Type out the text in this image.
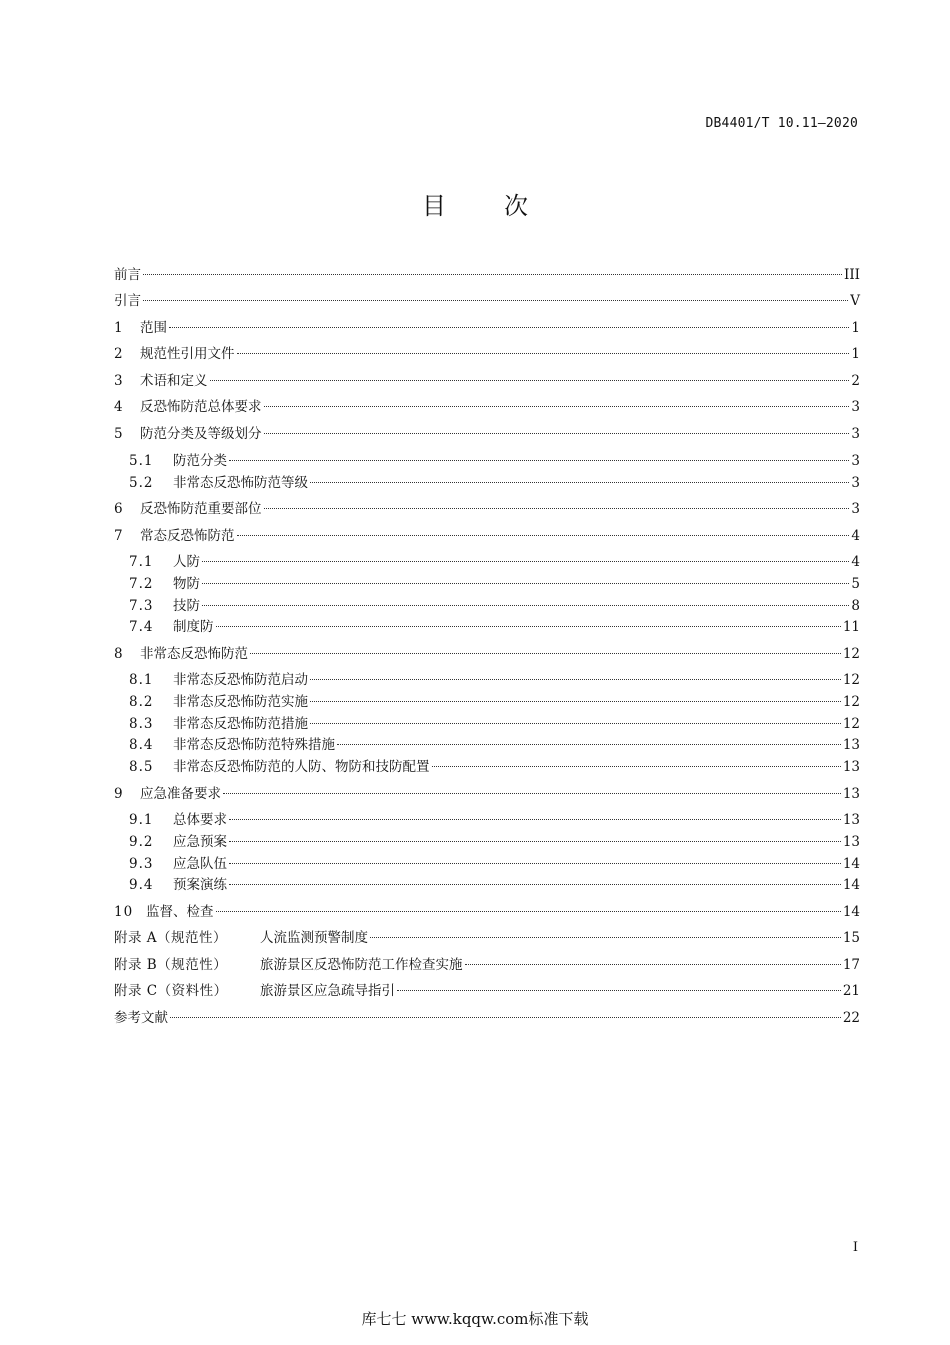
DB4401/T 10.11—2020
目次
前言	III
引言	V
1	范围	1
2	规范性引用文件	1
3	术语和定义	2
4	反恐怖防范总体要求	3
5	防范分类及等级划分	3
5.1	防范分类	3
5.2	非常态反恐怖防范等级	3
6	反恐怖防范重要部位	3
7	常态反恐怖防范	4
7.1	人防	4
7.2	物防	5
7.3	技防	8
7.4	制度防	11
8	非常态反恐怖防范	12
8.1	非常态反恐怖防范启动	12
8.2	非常态反恐怖防范实施	12
8.3	非常态反恐怖防范措施	12
8.4	非常态反恐怖防范特殊措施	13
8.5	非常态反恐怖防范的人防、物防和技防配置	13
9	应急准备要求	13
9.1	总体要求	13
9.2	应急预案	13
9.3	应急队伍	14
9.4	预案演练	14
10 监督、检查	14
附录 A（规范性）	人流监测预警制度	15
附录 B（规范性）	旅游景区反恐怖防范工作检查实施	17
附录 C（资料性）	旅游景区应急疏导指引	21
参考文献	22
I
库七七 www.kqqw.com标准下载
